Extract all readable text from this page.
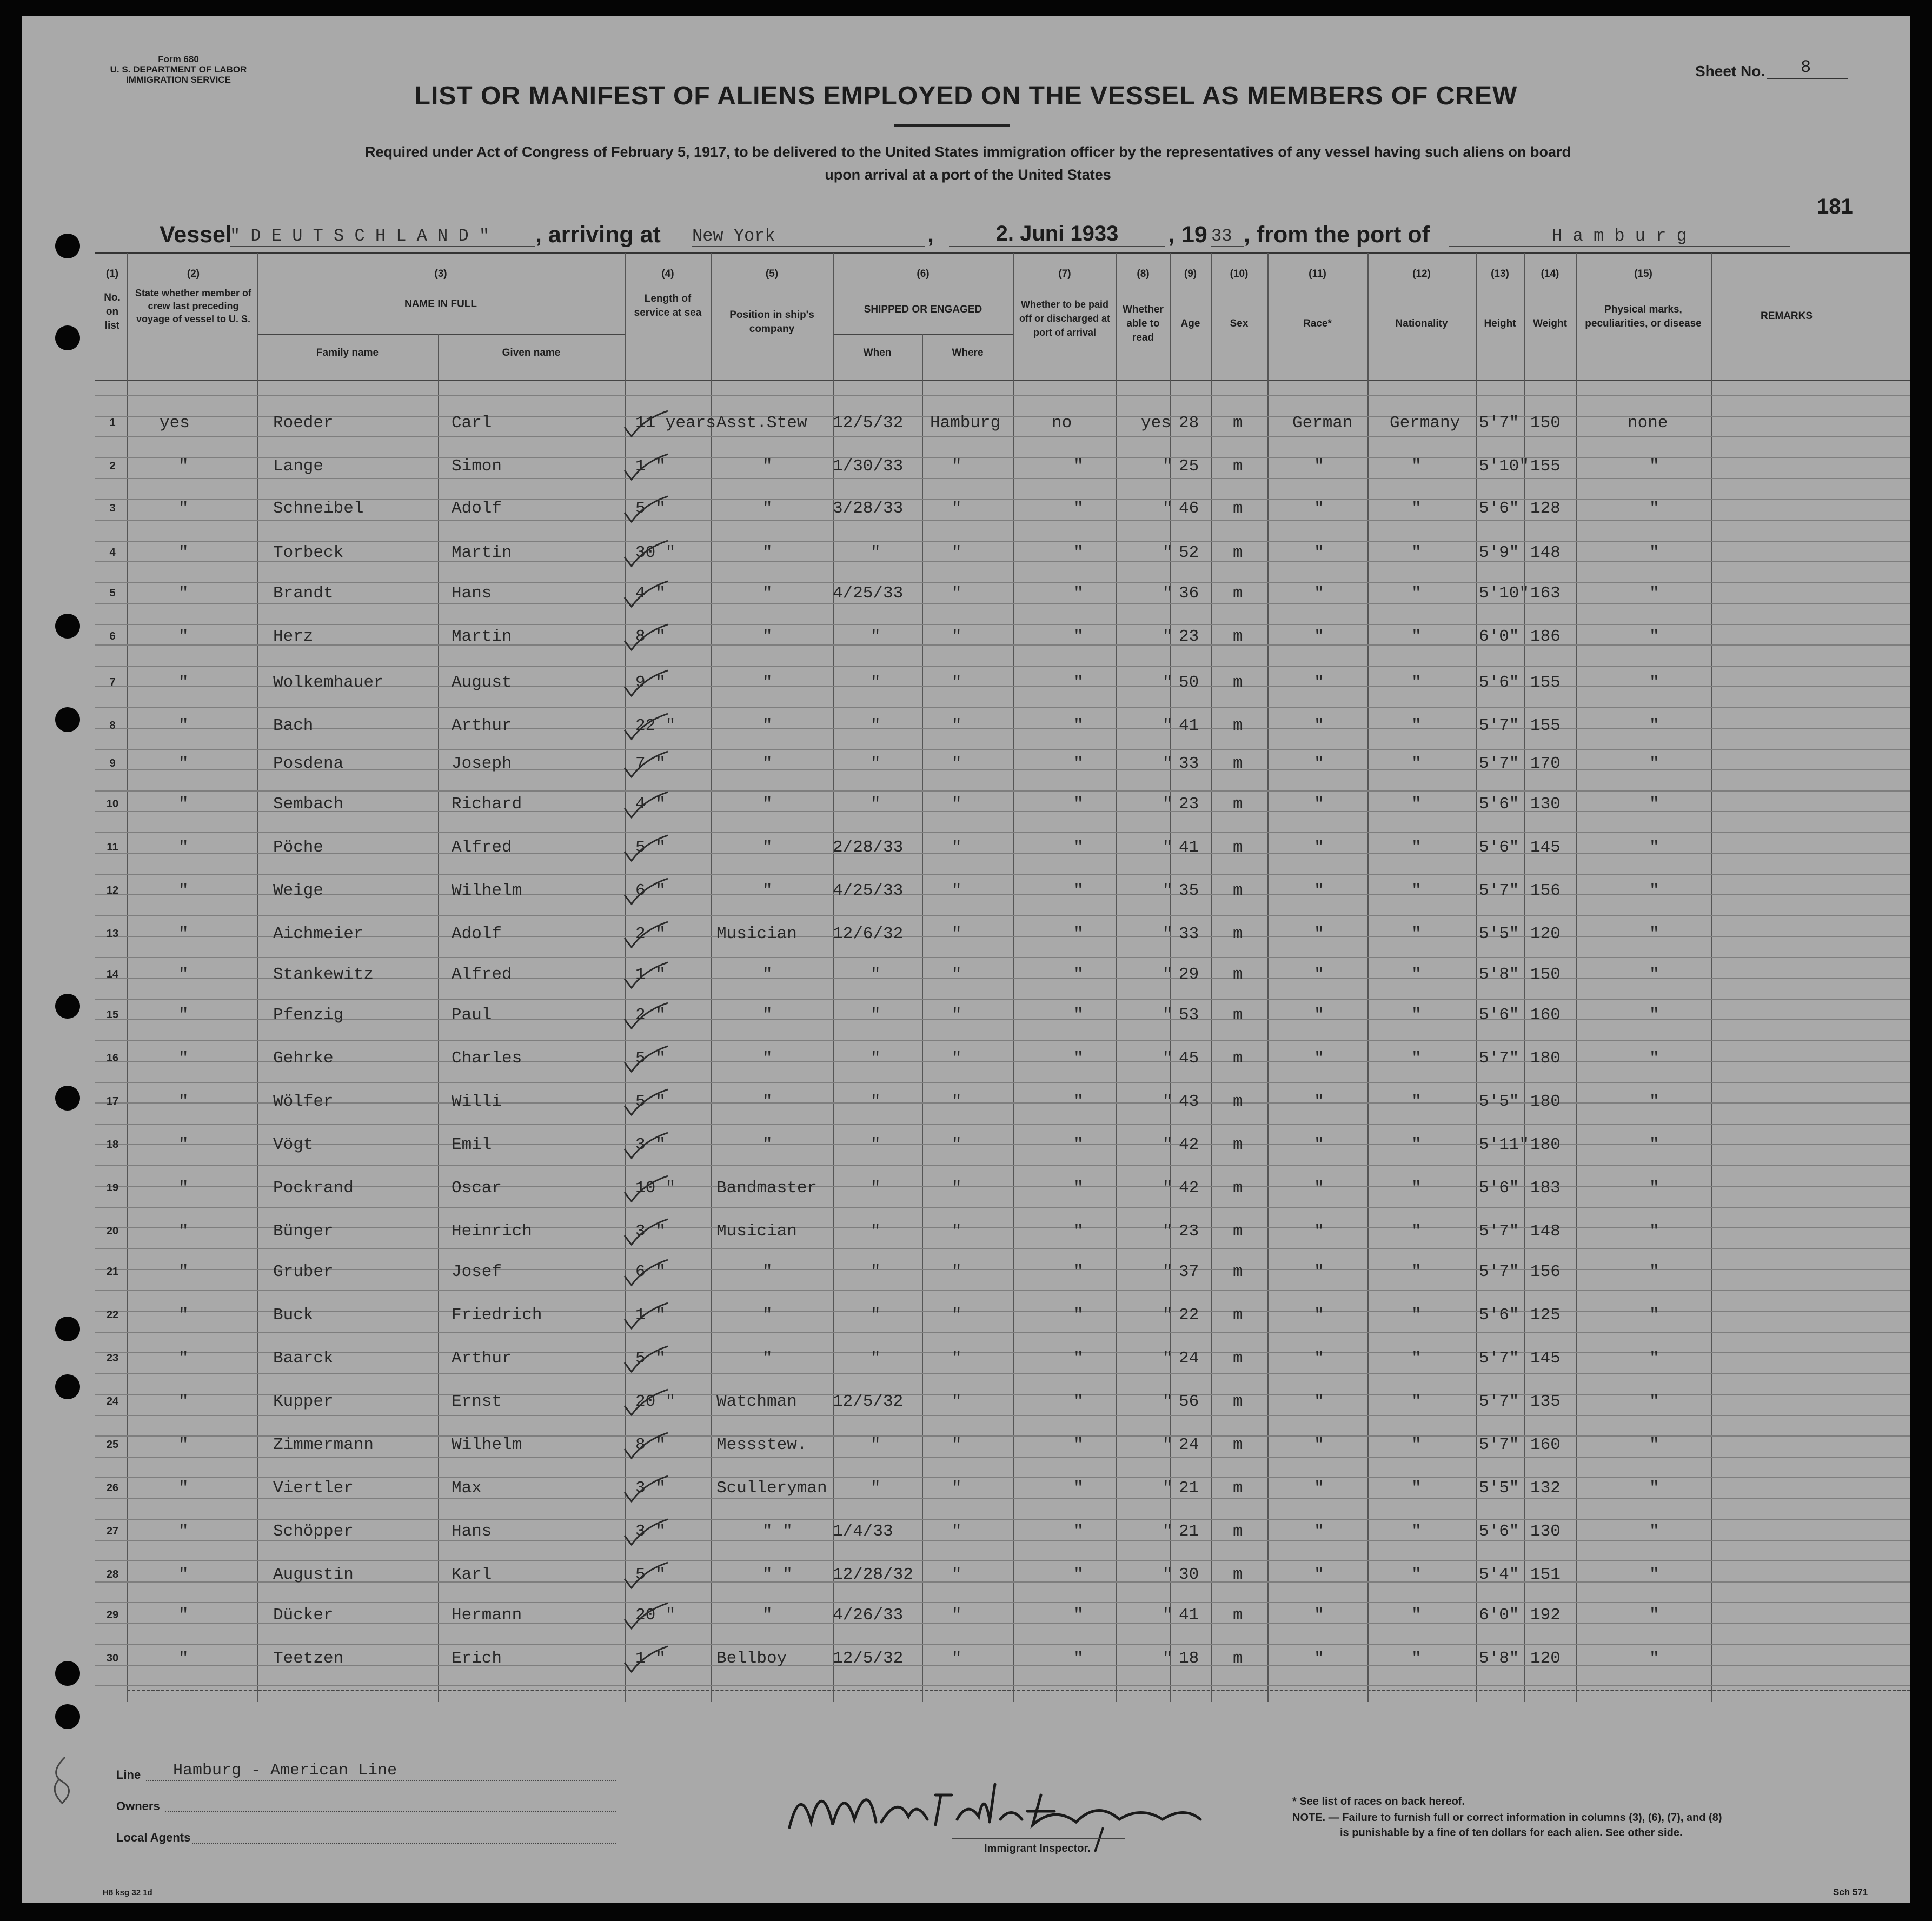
Form 680
U. S. DEPARTMENT OF LABOR
IMMIGRATION SERVICE
Sheet No. 8
LIST OR MANIFEST OF ALIENS EMPLOYED ON THE VESSEL AS MEMBERS OF CREW
Required under Act of Congress of February 5, 1917, to be delivered to the United States immigration officer by the representatives of any vessel having such aliens on board
upon arrival at a port of the United States
181
Vessel
" D E U T S C H L A N D "	, arriving at New York	,	2. Juni 1933	, 19 33 , from the port of	H a m b u r g
(1)
No. on list
(2)
State whether member of crew last preceding voyage of vessel to U. S.
(3)
NAME IN FULL
Family name	Given name
(4)
Length of service at sea
(5)
Position in ship's company
(6)
SHIPPED OR ENGAGED
When	Where
(7)
Whether to be paid off or discharged at port of arrival
(8)
Whether able to read
(9)
Age
(10)
Sex
(11)
Race*
(12)
Nationality
(13)
Height
(14)
Weight
(15)
Physical marks, peculiarities, or disease
REMARKS
1	yes	Roeder	Carl	11 years Asst.Stew 12/5/32 Hamburg	no	yes 28 m	German Germany 5'7" 150	none
2	"	Lange	Simon	1 "	"	1/30/33	"	"	" 25 m	"	"	5'10" 155	"
3	"	Schneibel	Adolf	5 "	"	3/28/33	"	"	" 46 m	"	"	5'6" 128	"
4	"	Torbeck	Martin	30 "	"	"	"	"	" 52 m	"	"	5'9" 148	"
5	"	Brandt	Hans	4 "	"	4/25/33	"	"	" 36 m	"	"	5'10" 163	"
6	"	Herz	Martin	8 "	"	"	"	"	" 23 m	"	"	6'0" 186	"
7	"	Wolkemhauer	August	9 "	"	"	"	"	" 50 m	"	"	5'6" 155	"
8	"	Bach	Arthur	22 "	"	"	"	"	" 41 m	"	"	5'7" 155	"
9	"	Posdena	Joseph	7 "	"	"	"	"	" 33 m	"	"	5'7" 170	"
10	"	Sembach	Richard	4 "	"	"	"	"	" 23 m	"	"	5'6" 130	"
11	"	Pöche	Alfred	5 "	"	2/28/33	"	"	" 41 m	"	"	5'6" 145	"
12	"	Weige	Wilhelm	6 "	"	4/25/33	"	"	" 35 m	"	"	5'7" 156	"
13	"	Aichmeier	Adolf	2 "	Musician 12/6/32	"	"	" 33 m	"	"	5'5" 120	"
14	"	Stankewitz	Alfred	1 "	"	"	"	"	" 29 m	"	"	5'8" 150	"
15	"	Pfenzig	Paul	2 "	"	"	"	"	" 53 m	"	"	5'6" 160	"
16	"	Gehrke	Charles	5 "	"	"	"	"	" 45 m	"	"	5'7" 180	"
17	"	Wölfer	Willi	5 "	"	"	"	"	" 43 m	"	"	5'5" 180	"
18	"	Vögt	Emil	3 "	"	"	"	"	" 42 m	"	"	5'11" 180	"
19	"	Pockrand	Oscar	10 " Bandmaster	"	"	"	" 42 m	"	"	5'6" 183	"
20	"	Bünger	Heinrich	3 "	Musician	"	"	"	" 23 m	"	"	5'7" 148	"
21	"	Gruber	Josef	6 "	"	"	"	"	" 37 m	"	"	5'7" 156	"
22	"	Buck	Friedrich	1 "	"	"	"	"	" 22 m	"	"	5'6" 125	"
23	"	Baarck	Arthur	5 "	"	"	"	"	" 24 m	"	"	5'7" 145	"
24	"	Kupper	Ernst	20 " Watchman 12/5/32	"	"	" 56 m	"	"	5'7" 135	"
25	"	Zimmermann	Wilhelm	8 "	Messstew.	"	"	"	" 24 m	"	"	5'7" 160	"
26	"	Viertler	Max	3 "	Sculleryman	"	"	"	" 21 m	"	"	5'5" 132	"
27	"	Schöpper	Hans	3 "	" " 1/4/33	"	"	" 21 m	"	"	5'6" 130	"
28	"	Augustin	Karl	5 "	" " 12/28/32 "	"	" 30 m	"	"	5'4" 151	"
29	"	Dücker	Hermann	20 "	"	4/26/33	"	"	" 41 m	"	"	6'0" 192	"
30	"	Teetzen	Erich	1 "	Bellboy	12/5/32	"	"	" 18 m	"	"	5'8" 120	"
Line Hamburg - American Line
Owners
Local Agents
Immigrant Inspector.
* See list of races on back hereof.
NOTE. — Failure to furnish full or correct information in columns (3), (6), (7), and (8)
is punishable by a fine of ten dollars for each alien. See other side.
H8 ksg 32 1d	Sch 571
